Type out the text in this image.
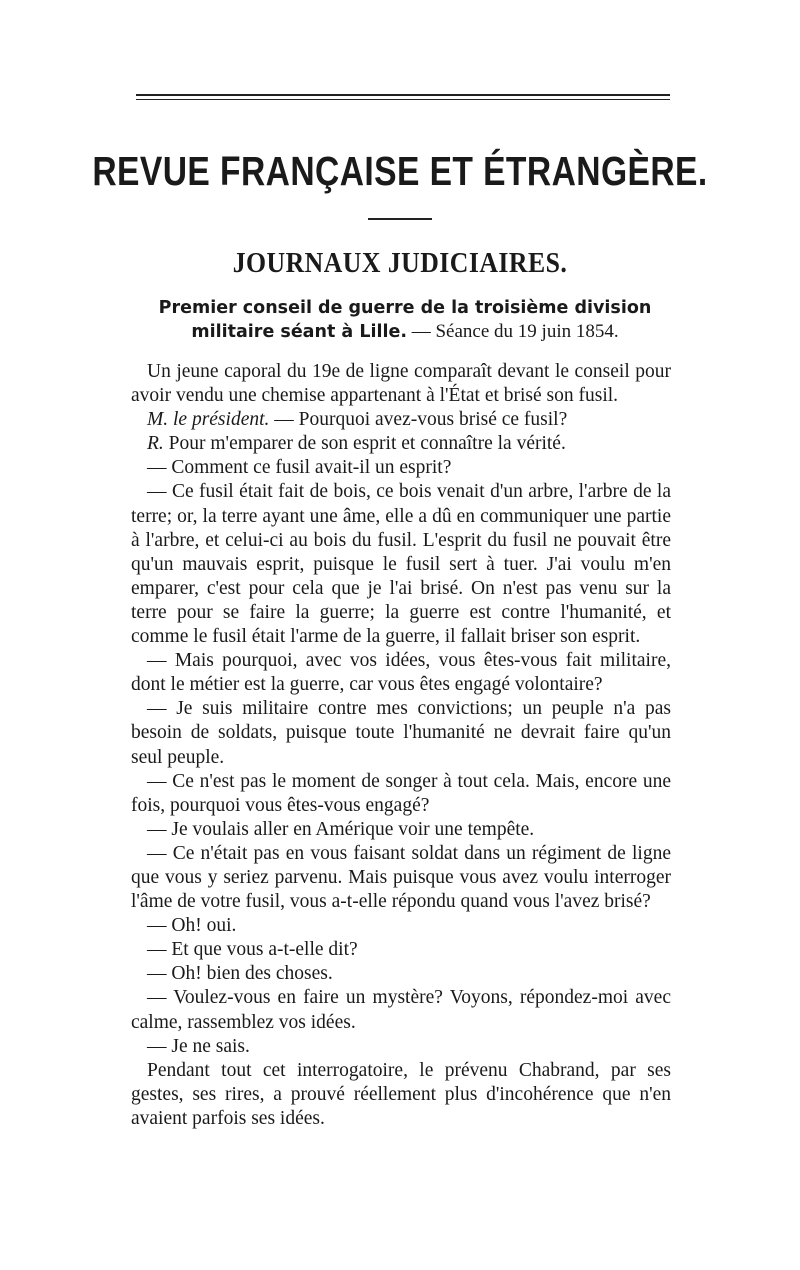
REVUE FRANÇAISE ET ÉTRANGÈRE.
JOURNAUX JUDICIAIRES.
Premier conseil de guerre de la troisième division
militaire séant à Lille. — Séance du 19 juin 1854.

Un jeune caporal du 19e de ligne comparaît devant le conseil pour avoir vendu une chemise appartenant à l'État et brisé son fusil.

M. le président. — Pourquoi avez-vous brisé ce fusil?

R. Pour m'emparer de son esprit et connaître la vérité.

— Comment ce fusil avait-il un esprit?

— Ce fusil était fait de bois, ce bois venait d'un arbre, l'arbre de la terre; or, la terre ayant une âme, elle a dû en communiquer une partie à l'arbre, et celui-ci au bois du fusil. L'esprit du fusil ne pouvait être qu'un mauvais esprit, puisque le fusil sert à tuer. J'ai voulu m'en emparer, c'est pour cela que je l'ai brisé. On n'est pas venu sur la terre pour se faire la guerre; la guerre est contre l'humanité, et comme le fusil était l'arme de la guerre, il fallait briser son esprit.

— Mais pourquoi, avec vos idées, vous êtes-vous fait militaire, dont le métier est la guerre, car vous êtes engagé volontaire?

— Je suis militaire contre mes convictions; un peuple n'a pas besoin de soldats, puisque toute l'humanité ne devrait faire qu'un seul peuple.

— Ce n'est pas le moment de songer à tout cela. Mais, encore une fois, pourquoi vous êtes-vous engagé?

— Je voulais aller en Amérique voir une tempête.

— Ce n'était pas en vous faisant soldat dans un régiment de ligne que vous y seriez parvenu. Mais puisque vous avez voulu interroger l'âme de votre fusil, vous a-t-elle répondu quand vous l'avez brisé?

— Oh! oui.

— Et que vous a-t-elle dit?

— Oh! bien des choses.

— Voulez-vous en faire un mystère? Voyons, répondez-moi avec calme, rassemblez vos idées.

— Je ne sais.

Pendant tout cet interrogatoire, le prévenu Chabrand, par ses gestes, ses rires, a prouvé réellement plus d'incohérence que n'en avaient parfois ses idées.
